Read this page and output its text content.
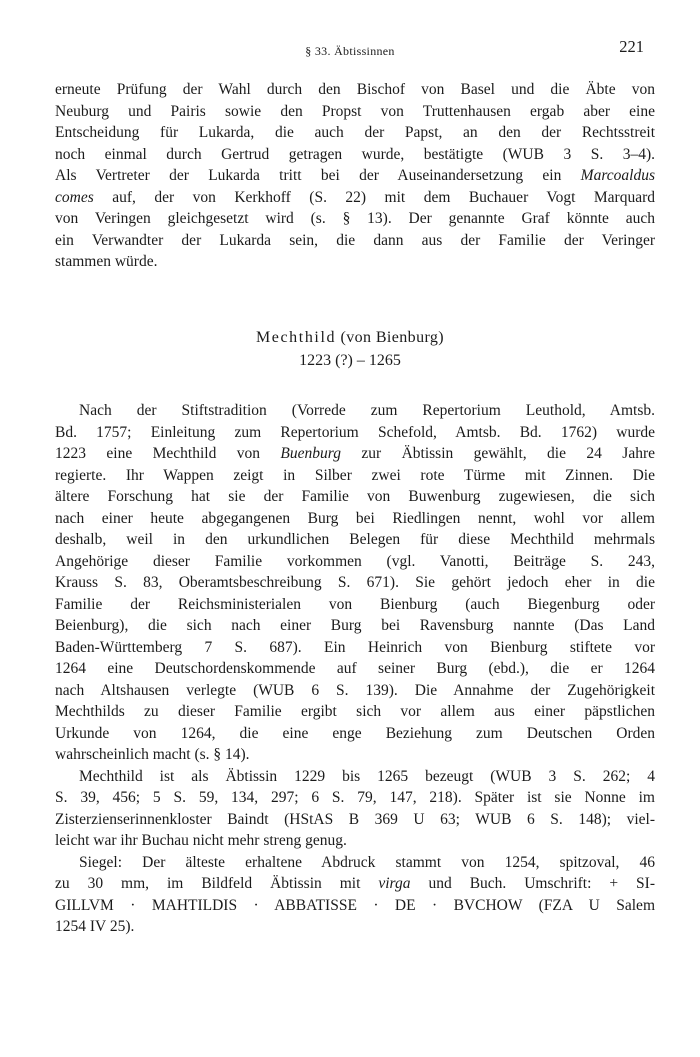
§ 33. Äbtissinnen	221
erneute Prüfung der Wahl durch den Bischof von Basel und die Äbte von
Neuburg und Pairis sowie den Propst von Truttenhausen ergab aber eine
Entscheidung für Lukarda, die auch der Papst, an den der Rechtsstreit
noch einmal durch Gertrud getragen wurde, bestätigte (WUB 3 S. 3–4).
Als Vertreter der Lukarda tritt bei der Auseinandersetzung ein Marcoaldus
comes auf, der von Kerkhoff (S. 22) mit dem Buchauer Vogt Marquard
von Veringen gleichgesetzt wird (s. § 13). Der genannte Graf könnte auch
ein Verwandter der Lukarda sein, die dann aus der Familie der Veringer
stammen würde.
Mechthild (von Bienburg)
1223 (?) – 1265
Nach der Stiftstradition (Vorrede zum Repertorium Leuthold, Amtsb.
Bd. 1757; Einleitung zum Repertorium Schefold, Amtsb. Bd. 1762) wurde
1223 eine Mechthild von Buenburg zur Äbtissin gewählt, die 24 Jahre
regierte. Ihr Wappen zeigt in Silber zwei rote Türme mit Zinnen. Die
ältere Forschung hat sie der Familie von Buwenburg zugewiesen, die sich
nach einer heute abgegangenen Burg bei Riedlingen nennt, wohl vor allem
deshalb, weil in den urkundlichen Belegen für diese Mechthild mehrmals
Angehörige dieser Familie vorkommen (vgl. Vanotti, Beiträge S. 243,
Krauss S. 83, Oberamtsbeschreibung S. 671). Sie gehört jedoch eher in die
Familie der Reichsministerialen von Bienburg (auch Biegenburg oder
Beienburg), die sich nach einer Burg bei Ravensburg nannte (Das Land
Baden-Württemberg 7 S. 687). Ein Heinrich von Bienburg stiftete vor
1264 eine Deutschordenskommende auf seiner Burg (ebd.), die er 1264
nach Altshausen verlegte (WUB 6 S. 139). Die Annahme der Zugehörigkeit
Mechthilds zu dieser Familie ergibt sich vor allem aus einer päpstlichen
Urkunde von 1264, die eine enge Beziehung zum Deutschen Orden
wahrscheinlich macht (s. § 14).
Mechthild ist als Äbtissin 1229 bis 1265 bezeugt (WUB 3 S. 262; 4
S. 39, 456; 5 S. 59, 134, 297; 6 S. 79, 147, 218). Später ist sie Nonne im
Zisterzienserinnenkloster Baindt (HStAS B 369 U 63; WUB 6 S. 148); viel-
leicht war ihr Buchau nicht mehr streng genug.
Siegel: Der älteste erhaltene Abdruck stammt von 1254, spitzoval, 46
zu 30 mm, im Bildfeld Äbtissin mit virga und Buch. Umschrift: + SI-
GILLVM · MAHTILDIS · ABBATISSE · DE · BVCHOW (FZA U Salem
1254 IV 25).
